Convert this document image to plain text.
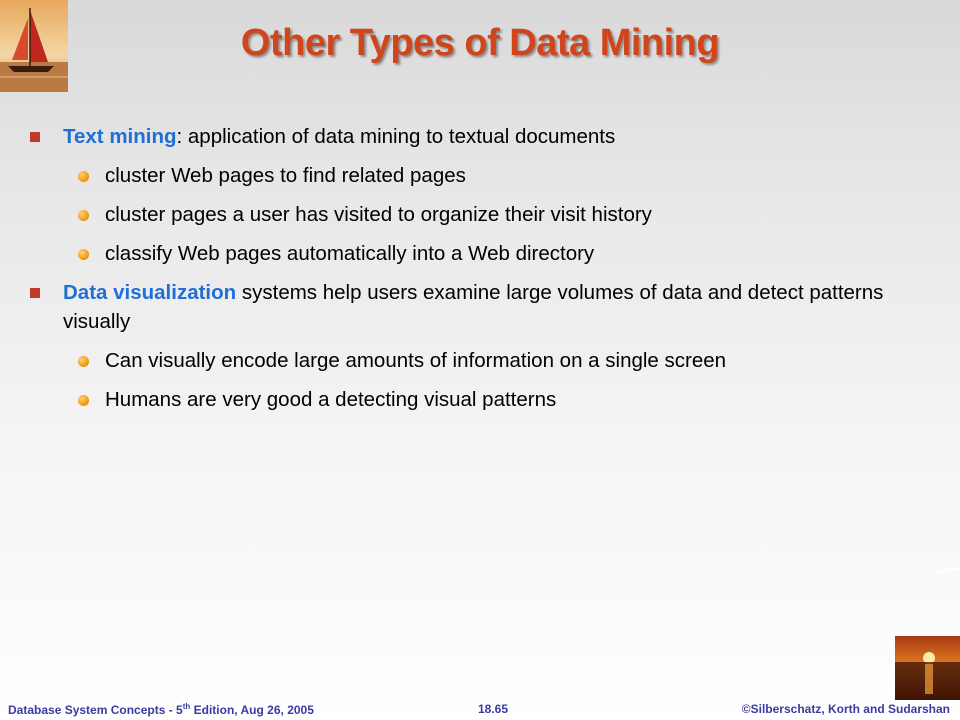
Other Types of Data Mining
Text mining: application of data mining to textual documents
cluster Web pages to find related pages
cluster pages a user has visited to organize their visit history
classify Web pages automatically into a Web directory
Data visualization systems help users examine large volumes of data and detect patterns visually
Can visually encode large amounts of information on a single screen
Humans are very good a detecting visual patterns
Database System Concepts - 5th Edition, Aug 26, 2005	18.65	©Silberschatz, Korth and Sudarshan
